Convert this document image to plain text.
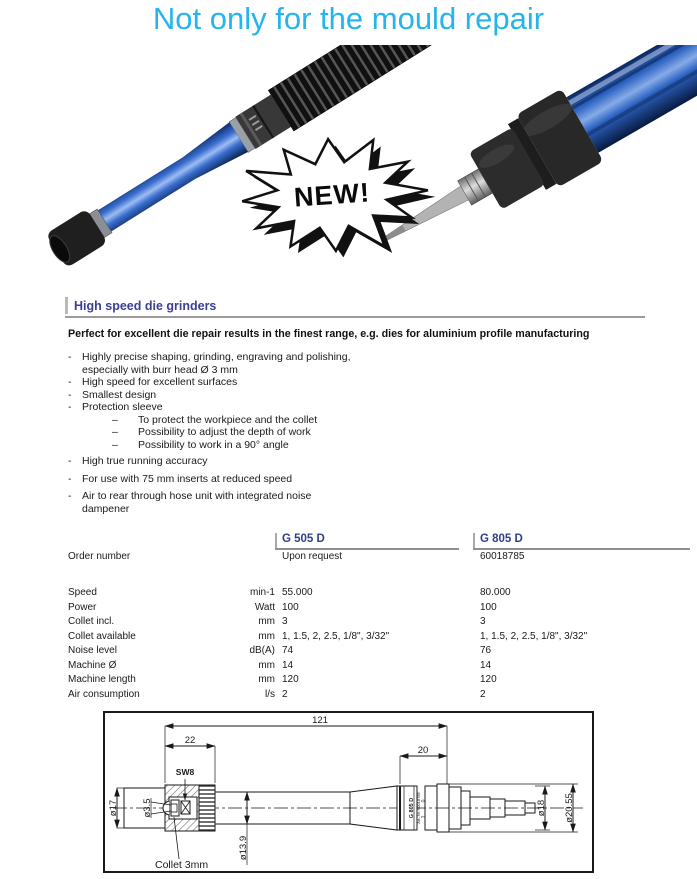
Not only for the mould repair
NEW!
High speed die grinders
Perfect for excellent die repair results in the finest range, e.g. dies for aluminium profile manufacturing
-	Highly precise shaping, grinding, engraving and polishing, especially with burr head Ø 3 mm
-	High speed for excellent surfaces
-	Smallest design
-	Protection sleeve
–	To protect the workpiece and the collet
–	Possibility to adjust the depth of work
–	Possibility to work in a 90° angle
-	High true running accuracy
-	For use with 75 mm inserts at reduced speed
-	Air to rear through hose unit with integrated noise dampener
G 505 D	G 805 D
Order number	Upon request	60018785
Speed	min-1 55.000	80.000
Power	Watt 100	100
Collet incl.	mm 3	3
Collet available	mm 1, 1.5, 2, 2.5, 1/8", 3/32"	1, 1.5, 2, 2.5, 1/8", 3/32"
Noise level	dB(A) 74	76
Machine Ø	mm 14	14
Machine length	mm 120	120
Air consumption	l/s 2	2
121
22
20
SW8
ø17 ø3.5
ø13.9
ø18 ø20.55
Collet 3mm
G 805 D Art.-Nr. 60018785 0
1
